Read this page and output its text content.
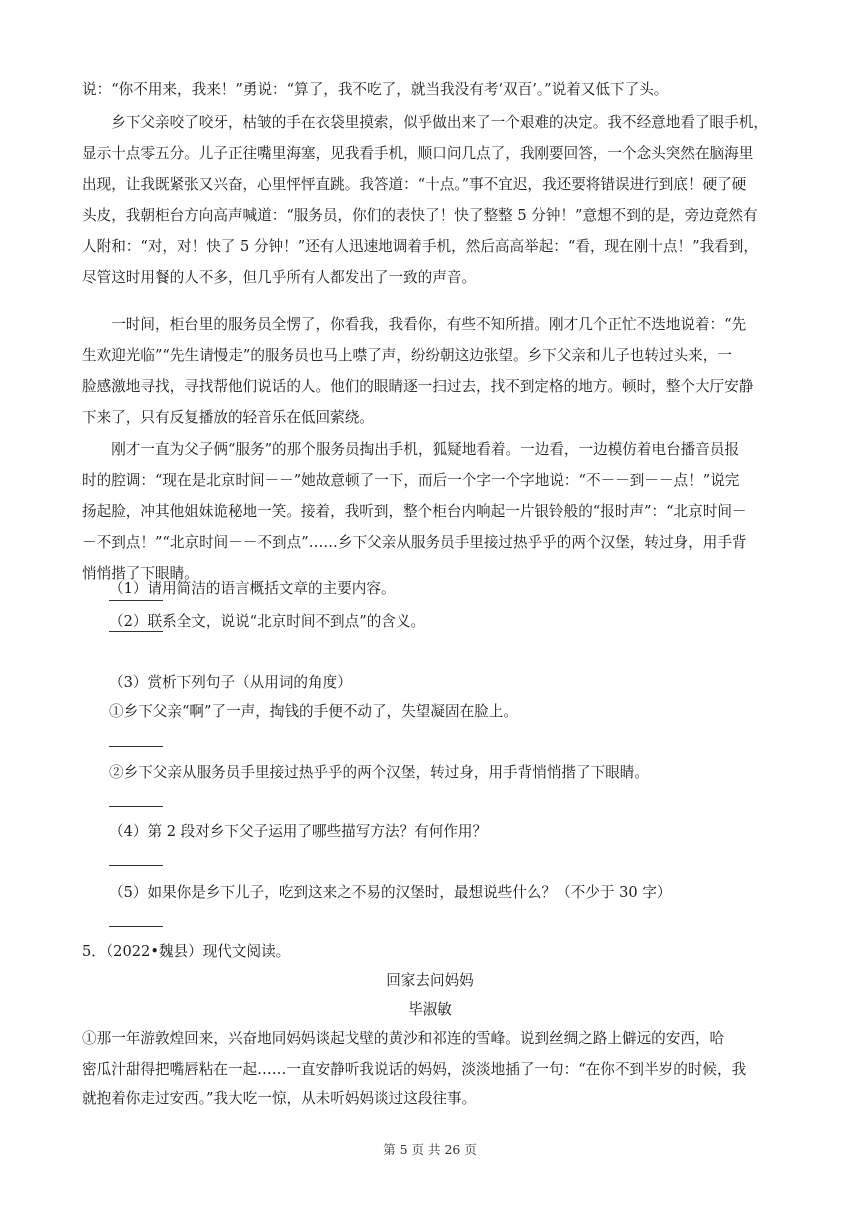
说：“你不用来，我来！”勇说：“算了，我不吃了，就当我没有考‘双百’。”说着又低下了头。
　　乡下父亲咬了咬牙，枯皱的手在衣袋里摸索，似乎做出来了一个艰难的决定。我不经意地看了眼手机，
显示十点零五分。儿子正往嘴里海塞，见我看手机，顺口问几点了，我刚要回答，一个念头突然在脑海里
出现，让我既紧张又兴奋，心里怦怦直跳。我答道：“十点。”事不宜迟，我还要将错误进行到底！硬了硬
头皮，我朝柜台方向高声喊道：“服务员，你们的表快了！快了整整 5 分钟！”意想不到的是，旁边竟然有
人附和：“对，对！快了 5 分钟！”还有人迅速地调着手机，然后高高举起：“看，现在刚十点！”我看到，
尽管这时用餐的人不多，但几乎所有人都发出了一致的声音。
　　一时间，柜台里的服务员全愣了，你看我，我看你，有些不知所措。刚才几个正忙不迭地说着：“先
生欢迎光临”“先生请慢走”的服务员也马上噤了声，纷纷朝这边张望。乡下父亲和儿子也转过头来，一
脸感激地寻找，寻找帮他们说话的人。他们的眼睛逐一扫过去，找不到定格的地方。顿时，整个大厅安静
下来了，只有反复播放的轻音乐在低回萦绕。
　　刚才一直为父子俩“服务”的那个服务员掏出手机，狐疑地看着。一边看，一边模仿着电台播音员报
时的腔调：“现在是北京时间－－”她故意顿了一下，而后一个字一个字地说：“不－－到－－点！”说完
扬起脸，冲其他姐妹诡秘地一笑。接着，我听到，整个柜台内响起一片银铃般的“报时声”：“北京时间－
－不到点！”“北京时间－－不到点”……乡下父亲从服务员手里接过热乎乎的两个汉堡，转过身，用手背
悄悄揩了下眼睛。
（1）请用简洁的语言概括文章的主要内容。
（2）联系全文，说说“北京时间不到点”的含义。
（3）赏析下列句子（从用词的角度）
①乡下父亲“啊”了一声，掏钱的手便不动了，失望凝固在脸上。
②乡下父亲从服务员手里接过热乎乎的两个汉堡，转过身，用手背悄悄揩了下眼睛。
（4）第 2 段对乡下父子运用了哪些描写方法？有何作用？
（5）如果你是乡下儿子，吃到这来之不易的汉堡时，最想说些什么？（不少于 30 字）
5．（2022•魏县）现代文阅读。
回家去问妈妈
毕淑敏
①那一年游敦煌回来，兴奋地同妈妈谈起戈壁的黄沙和祁连的雪峰。说到丝绸之路上僻远的安西，哈
密瓜汁甜得把嘴唇粘在一起……一直安静听我说话的妈妈，淡淡地插了一句：“在你不到半岁的时候，我
就抱着你走过安西。”我大吃一惊，从未听妈妈谈过这段往事。
第 5 页 共 26 页
